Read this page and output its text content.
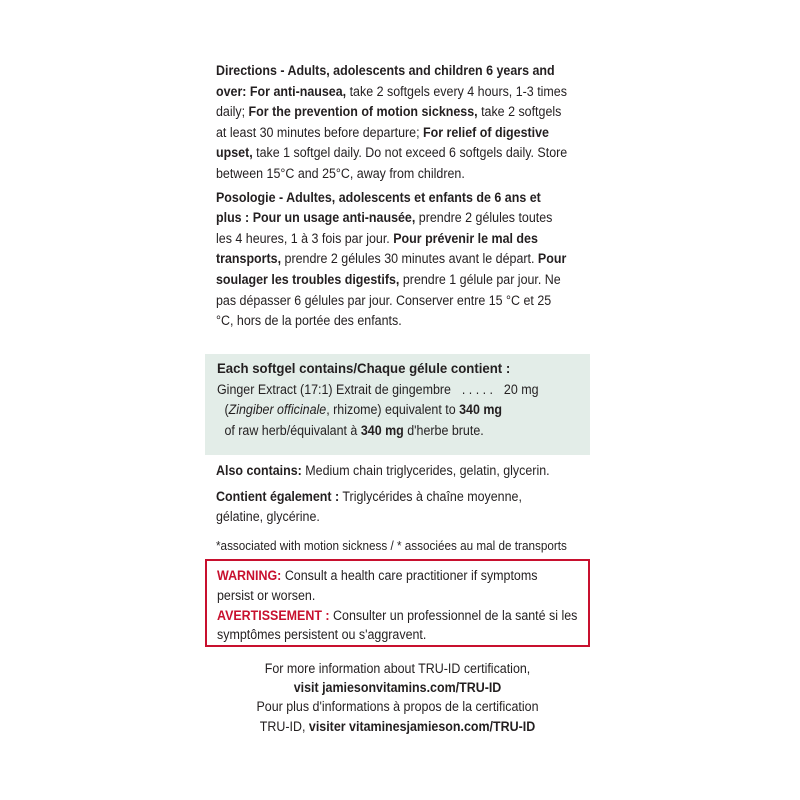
Directions - Adults, adolescents and children 6 years and over: For anti-nausea, take 2 softgels every 4 hours, 1-3 times daily; For the prevention of motion sickness, take 2 softgels at least 30 minutes before departure; For relief of digestive upset, take 1 softgel daily. Do not exceed 6 softgels daily. Store between 15°C and 25°C, away from children.

Posologie - Adultes, adolescents et enfants de 6 ans et plus : Pour un usage anti-nausée, prendre 2 gélules toutes les 4 heures, 1 à 3 fois par jour. Pour prévenir le mal des transports, prendre 2 gélules 30 minutes avant le départ. Pour soulager les troubles digestifs, prendre 1 gélule par jour. Ne pas dépasser 6 gélules par jour. Conserver entre 15 °C et 25 °C, hors de la portée des enfants.

Each softgel contains/Chaque gélule contient :
Ginger Extract (17:1) Extrait de gingembre . . . . . 20 mg
(Zingiber officinale, rhizome) equivalent to 340 mg
of raw herb/équivalant à 340 mg d'herbe brute.

Also contains: Medium chain triglycerides, gelatin, glycerin.

Contient également : Triglycérides à chaîne moyenne, gélatine, glycérine.

*associated with motion sickness / * associées au mal de transports

WARNING: Consult a health care practitioner if symptoms persist or worsen.

AVERTISSEMENT : Consulter un professionnel de la santé si les symptômes persistent ou s'aggravent.

For more information about TRU-ID certification,

visit jamiesonvitamins.com/TRU-ID

Pour plus d'informations à propos de la certification

TRU-ID, visiter vitaminesjamieson.com/TRU-ID
